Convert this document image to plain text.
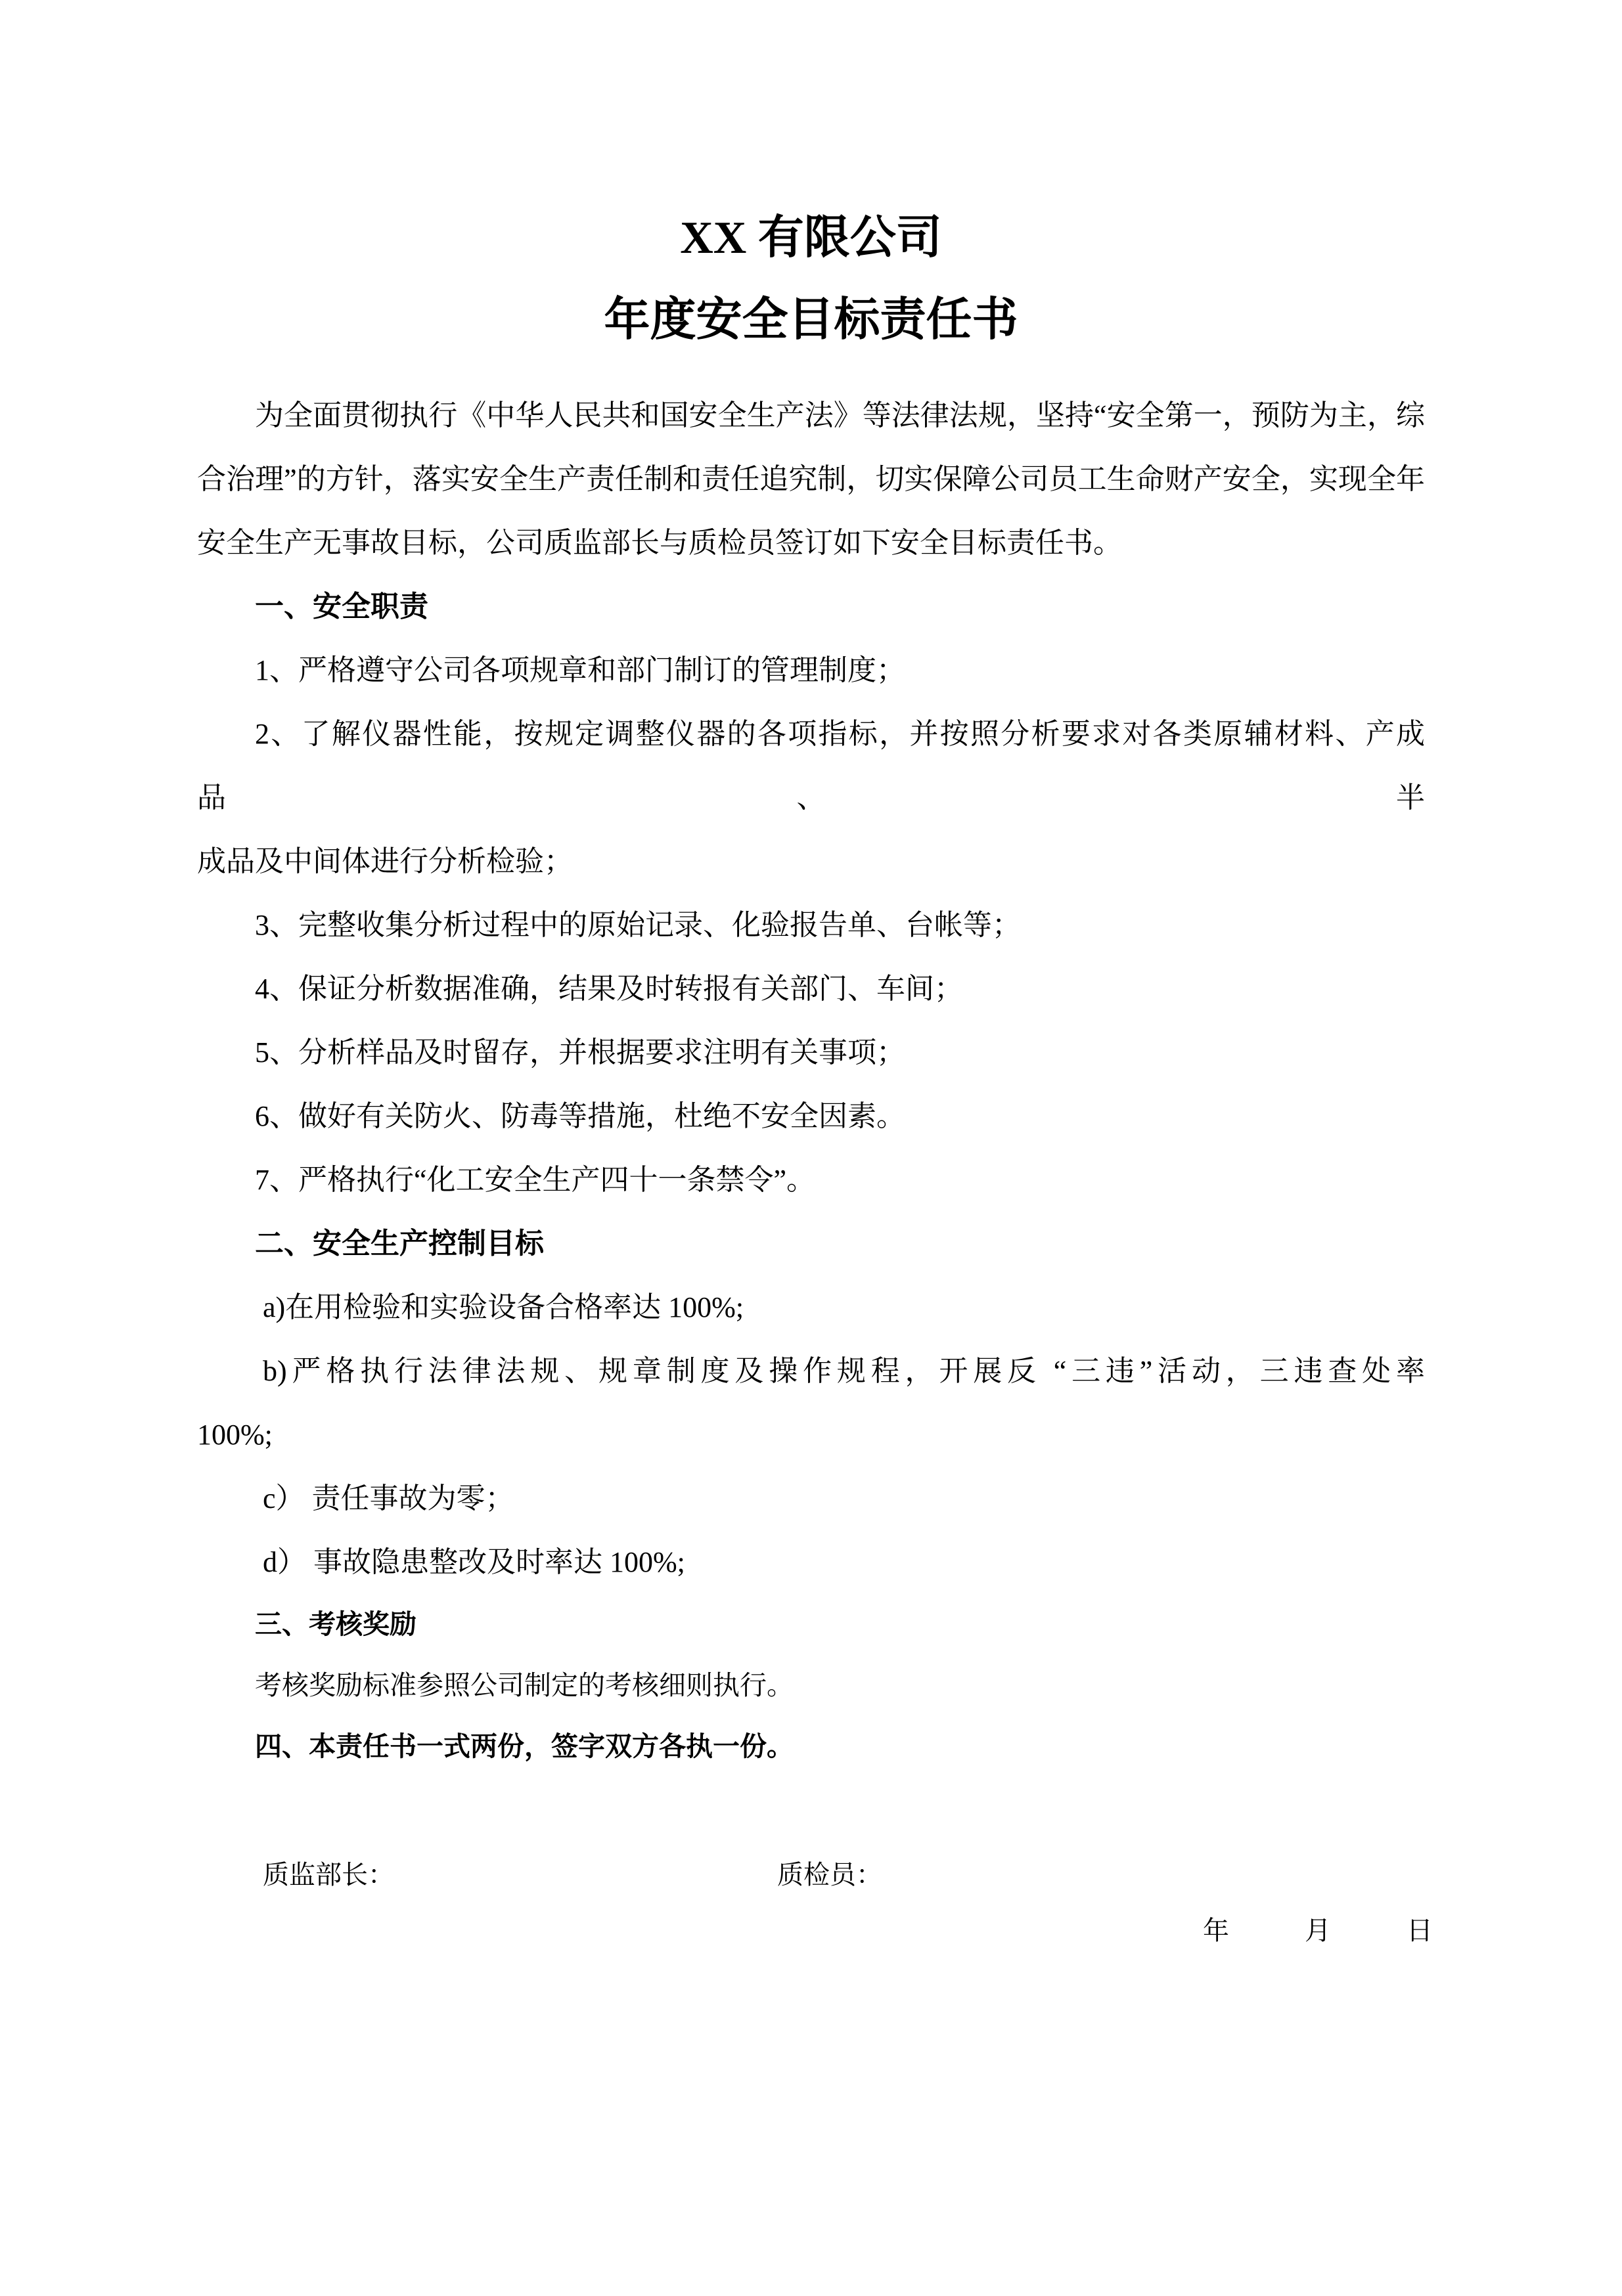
XX 有限公司
年度安全目标责任书

为全面贯彻执行《中华人民共和国安全生产法》等法律法规，坚持“安全第一，预防为主，综

合治理”的方针，落实安全生产责任制和责任追究制，切实保障公司员工生命财产安全，实现全年

安全生产无事故目标，公司质监部长与质检员签订如下安全目标责任书。

一、安全职责

1、严格遵守公司各项规章和部门制订的管理制度；

2、了解仪器性能，按规定调整仪器的各项指标，并按照分析要求对各类原辅材料、产成品、半

成品及中间体进行分析检验；

3、完整收集分析过程中的原始记录、化验报告单、台帐等；

4、保证分析数据准确，结果及时转报有关部门、车间；

5、分析样品及时留存，并根据要求注明有关事项；

6、做好有关防火、防毒等措施，杜绝不安全因素。

7、严格执行“化工安全生产四十一条禁令”。

二、安全生产控制目标

a)在用检验和实验设备合格率达 100%;

b)严格执行法律法规、规章制度及操作规程，开展反 “三违”活动，三违查处率

100%;

c） 责任事故为零；

d） 事故隐患整改及时率达 100%;

三、考核奖励

考核奖励标准参照公司制定的考核细则执行。

四、本责任书一式两份，签字双方各执一份。

质监部长：	质检员：
年	月	日
